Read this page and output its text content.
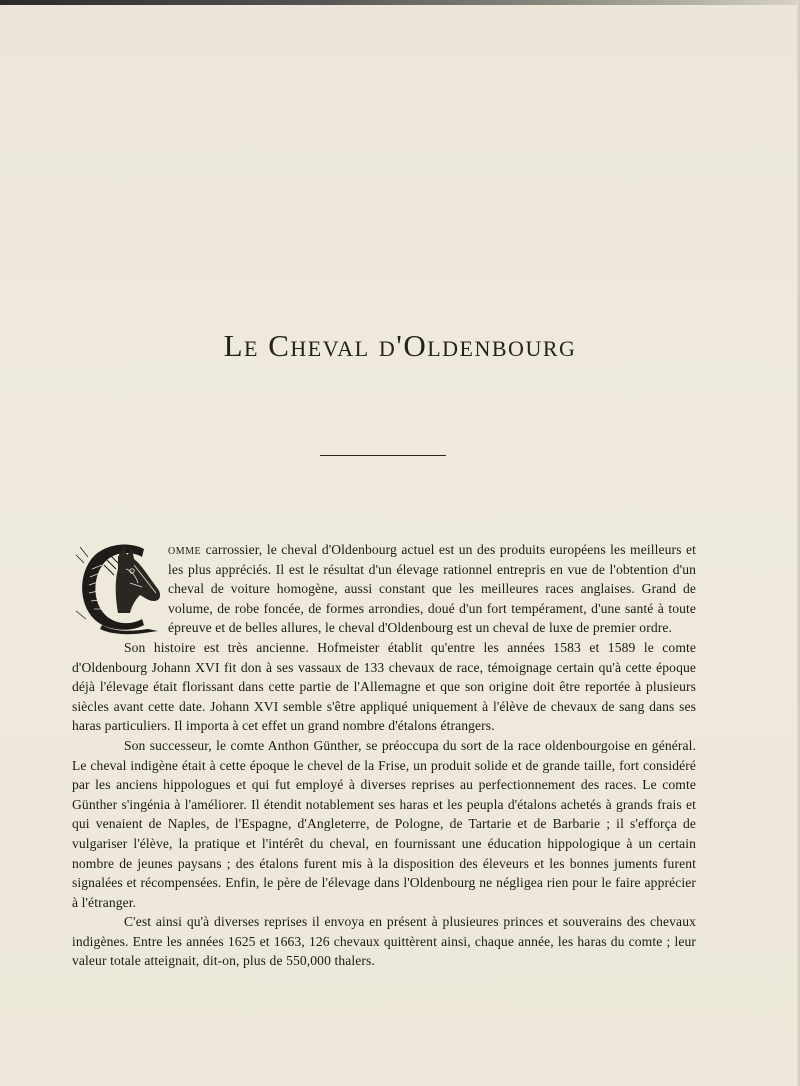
Le Cheval d'Oldenbourg

omme carrossier, le cheval d'Oldenbourg actuel est un des produits européens les meilleurs et les plus appréciés. Il est le résultat d'un élevage rationnel entrepris en vue de l'obtention d'un cheval de voiture homogène, aussi constant que les meilleures races anglaises. Grand de volume, de robe foncée, de formes arrondies, doué d'un fort tempérament, d'une santé à toute épreuve et de belles allures, le cheval d'Oldenbourg est un cheval de luxe de premier ordre.

Son histoire est très ancienne. Hofmeister établit qu'entre les années 1583 et 1589 le comte d'Oldenbourg Johann XVI fit don à ses vassaux de 133 chevaux de race, témoignage certain qu'à cette époque déjà l'élevage était florissant dans cette partie de l'Allemagne et que son origine doit être reportée à plusieurs siècles avant cette date. Johann XVI semble s'être appliqué uniquement à l'élève de chevaux de sang dans ses haras particuliers. Il importa à cet effet un grand nombre d'étalons étrangers.

Son successeur, le comte Anthon Günther, se préoccupa du sort de la race oldenbourgoise en général. Le cheval indigène était à cette époque le chevel de la Frise, un produit solide et de grande taille, fort considéré par les anciens hippologues et qui fut employé à diverses reprises au perfectionnement des races. Le comte Günther s'ingénia à l'améliorer. Il étendit notablement ses haras et les peupla d'étalons achetés à grands frais et qui venaient de Naples, de l'Espagne, d'Angleterre, de Pologne, de Tartarie et de Barbarie ; il s'efforça de vulgariser l'élève, la pratique et l'intérêt du cheval, en fournissant une éducation hippologique à un certain nombre de jeunes paysans ; des étalons furent mis à la disposition des éleveurs et les bonnes juments furent signalées et récompensées. Enfin, le père de l'élevage dans l'Oldenbourg ne négligea rien pour le faire apprécier à l'étranger.

C'est ainsi qu'à diverses reprises il envoya en présent à plusieures princes et souverains des chevaux indigènes. Entre les années 1625 et 1663, 126 chevaux quittèrent ainsi, chaque année, les haras du comte ; leur valeur totale atteignait, dit-on, plus de 550,000 thalers.
